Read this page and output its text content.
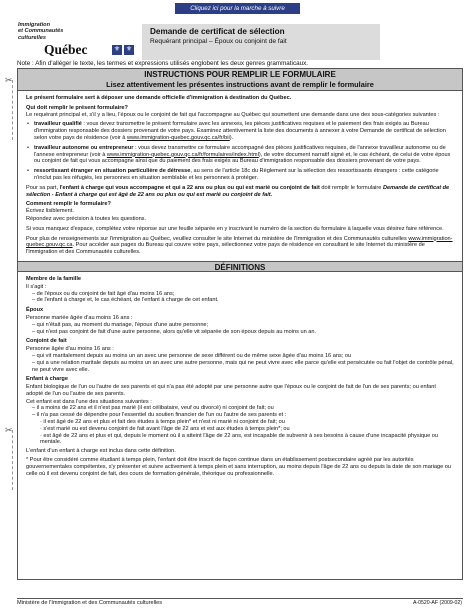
Cliquez ici pour la marche à suivre
Immigration
et Communautés
culturelles
Québec	⚜ ⚜
Demande de certificat de sélection
Requérant principal – Époux ou conjoint de fait
Note : Afin d'alléger le texte, les termes et expressions utilisés englobent les deux genres grammaticaux.
INSTRUCTIONS POUR REMPLIR LE FORMULAIRE
Lisez attentivement les présentes instructions avant de remplir le formulaire

Le présent formulaire sert à déposer une demande officielle d'immigration à destination du Québec.

Qui doit remplir le présent formulaire?

Le requérant principal et, s'il y a lieu, l'époux ou le conjoint de fait qui l'accompagne au Québec qui soumettent une demande dans une des sous-catégories suivantes :

• travailleur qualifié : vous devez transmettre le présent formulaire avec les annexes, les pièces justificatives requises et le paiement des frais exigés au Bureau d'immigration responsable des dossiers provenant de votre pays. Examinez attentivement la liste des documents à annexer à votre Demande de certificat de sélection selon votre pays de résidence (voir à www.immigration-quebec.gouv.qc.ca/fr/bii).
• travailleur autonome ou entrepreneur : vous devez transmettre ce formulaire accompagné des pièces justificatives requises, de l'annexe travailleur autonome ou de l'annexe entrepreneur (voir à www.immigration-quebec.gouv.qc.ca/fr/formulaires/index.html), de votre document narratif signé et, le cas échéant, de celui de votre époux ou conjoint de fait qui vous accompagne ainsi que du paiement des frais exigés au Bureau d'immigration responsable des dossiers provenant de votre pays.
• ressortissant étranger en situation particulière de détresse, au sens de l'article 18c du Règlement sur la sélection des ressortissants étrangers : cette catégorie n'inclut pas les réfugiés, les personnes en situation semblable et les personnes à protéger.

Pour sa part, l'enfant à charge qui vous accompagne et qui a 22 ans ou plus ou qui est marié ou conjoint de fait doit remplir le formulaire Demande de certificat de sélection - Enfant à charge qui est âgé de 22 ans ou plus ou qui est marié ou conjoint de fait.

Comment remplir le formulaire?

Écrivez lisiblement.

Répondez avec précision à toutes les questions.

Si vous manquez d'espace, complétez votre réponse sur une feuille séparée en y inscrivant le numéro de la section du formulaire à laquelle vous désirez faire référence.

Pour plus de renseignements sur l'immigration au Québec, veuillez consulter le site Internet du ministère de l'Immigration et des Communautés culturelles www.immigration-quebec.gouv.qc.ca. Pour accéder aux pages du Bureau qui couvre votre pays, sélectionnez votre pays de résidence en consultant le site Internet du ministère de l'Immigration et des Communautés culturelles.

DÉFINITIONS

Membre de la famille

Il s'agit :

– de l'époux ou du conjoint de fait âgé d'au moins 16 ans;
– de l'enfant à charge et, le cas échéant, de l'enfant à charge de cet enfant.

Époux

Personne mariée âgée d'au moins 16 ans :

– qui n'était pas, au moment du mariage, l'époux d'une autre personne;
– qui n'est pas conjoint de fait d'une autre personne, alors qu'elle vit séparée de son époux depuis au moins un an.

Conjoint de fait

Personne âgée d'au moins 16 ans :

– qui vit maritalement depuis au moins un an avec une personne de sexe différent ou de même sexe âgée d'au moins 16 ans; ou
– qui a une relation maritale depuis au moins un an avec une autre personne, mais qui ne peut vivre avec elle parce qu'elle est persécutée ou fait l'objet de contrôle pénal, ne peut vivre avec elle.

Enfant à charge

Enfant biologique de l'un ou l'autre de ses parents et qui n'a pas été adopté par une personne autre que l'époux ou le conjoint de fait de l'un de ses parents; ou enfant adopté de l'un ou l'autre de ses parents.

Cet enfant est dans l'une des situations suivantes :

– il a moins de 22 ans et il n'est pas marié (il est célibataire, veuf ou divorcé) ni conjoint de fait; ou
– il n'a pas cessé de dépendre pour l'essentiel du soutien financier de l'un ou l'autre de ses parents et :
· il est âgé de 22 ans et plus et fait des études à temps plein* et n'est ni marié ni conjoint de fait; ou
· s'est marié ou est devenu conjoint de fait avant l'âge de 22 ans et est aux études à temps plein*; ou
· est âgé de 22 ans et plus et qui, depuis le moment où il a atteint l'âge de 22 ans, est incapable de subvenir à ses besoins à cause d'une incapacité physique ou mentale.

L'enfant d'un enfant à charge est inclus dans cette définition.

* Pour être considéré comme étudiant à temps plein, l'enfant doit être inscrit de façon continue dans un établissement postsecondaire agréé par les autorités gouvernementales compétentes, s'y présenter et suivre activement à temps plein et sans interruption, au moins depuis l'âge de 22 ans ou depuis la date de son mariage ou celle où il est devenu conjoint de fait, des cours de formation générale, théorique ou professionnelle.

✂
✂
Ministère de l'Immigration et des Communautés culturelles	A-0520-AF (2009-02)
